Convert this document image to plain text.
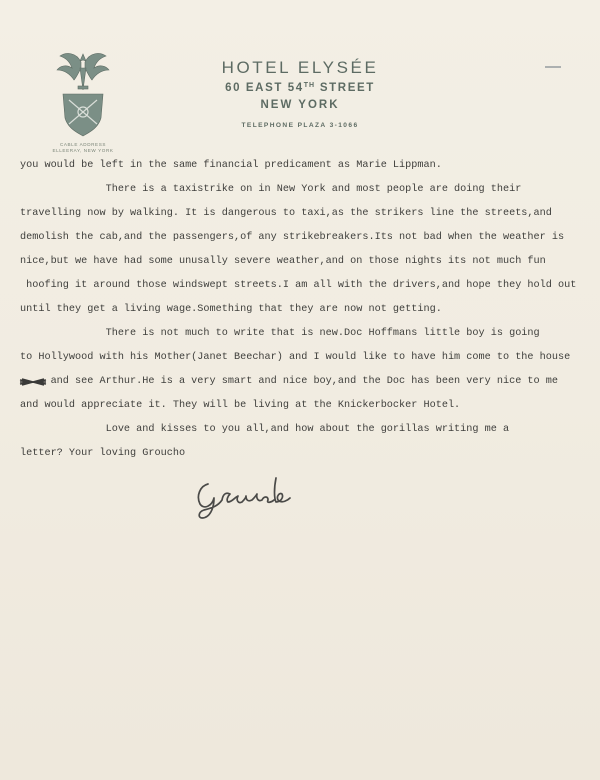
CABLE ADDRESS
ELLEERAY, NEW YORK
HOTEL ELYSÉE
60 EAST 54TH STREET
NEW YORK
TELEPHONE PLAZA 3-1066
you would be left in the same financial predicament as Marie Lippman.
There is a taxistrike on in New York and most people are doing their
travelling now by walking. It is dangerous to taxi,as the strikers line the streets,and
demolish the cab,and the passengers,of any strikebreakers.Its not bad when the weather is
nice,but we have had some unusally severe weather,and on those nights its not much fun
hoofing it around those windswept streets.I am all with the drivers,and hope they hold out
until they get a living wage.Something that they are now not getting.
There is not much to write that is new.Doc Hoffmans little boy is going
to Hollywood with his Mother(Janet Beechar) and I would like to have him come to the house
and see Arthur.He is a very smart and nice boy,and the Doc has been very nice to me
and would appreciate it. They will be living at the Knickerbocker Hotel.
Love and kisses to you all,and how about the gorillas writing me a
letter? Your loving Groucho
